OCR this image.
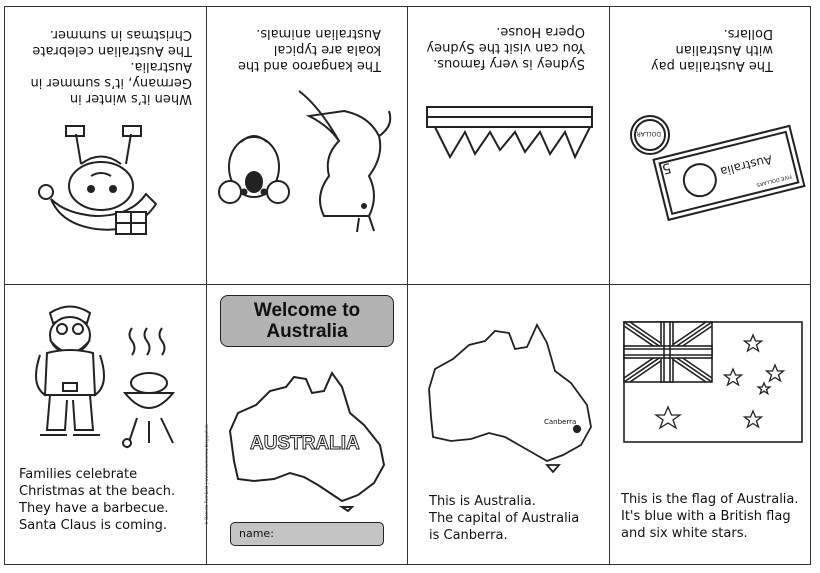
When it’s winter in
Germany, it’s summer in
Australia.
The Australian celebrate
Christmas in summer.
The kangaroo and the
koala are typical
Australian animals.
Sydney is very famous.
You can visit the Sydney
Opera House.
The Australian pay
with Australian
Dollars.
Australia
5
FIVE DOLLARS
DOLLAR
Families celebrate
Christmas at the beach.
They have a barbecue.
Santa Claus is coming.
Welcome to
Australia
AUSTRALIA
© Daniela Rembold | www.edumorrow.blogspot.de
name:
Canberra
This is Australia.
The capital of Australia
is Canberra.
This is the flag of Australia.
It's blue with a British flag
and six white stars.
